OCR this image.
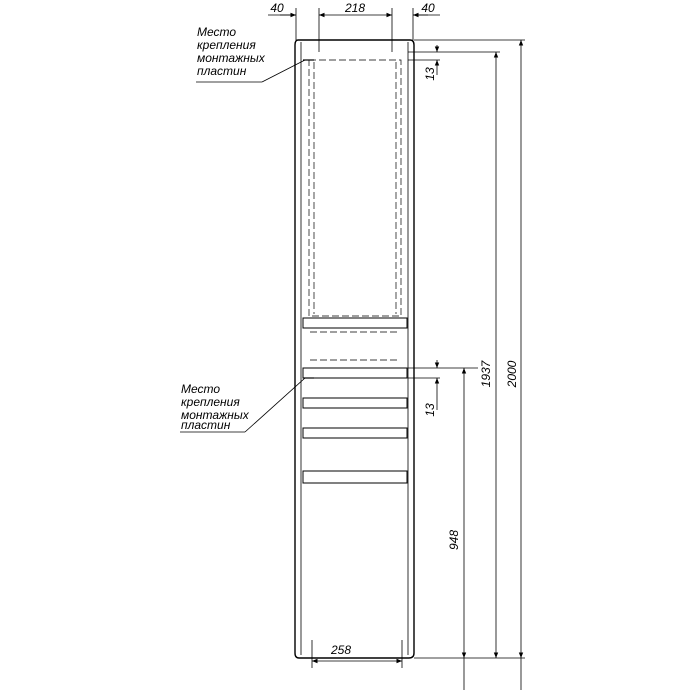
40	218	40
13
13
1937 2000
948
258
Место
крепления
монтажных
пластин
Место
крепления
монтажных
пластин
